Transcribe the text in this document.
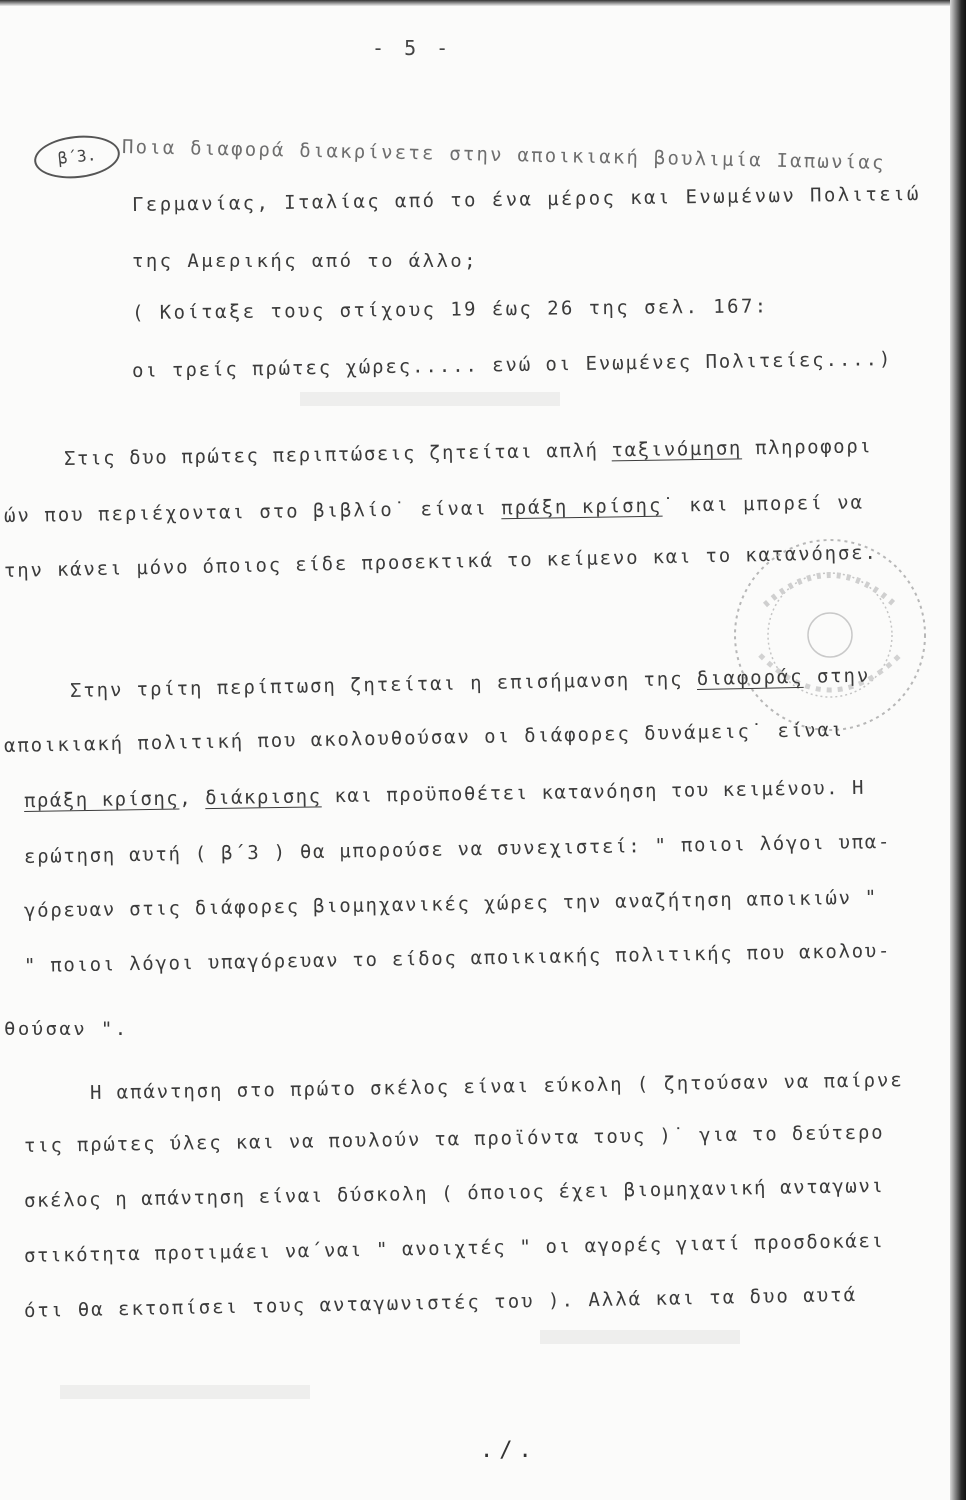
- 5 -
β΄3.	Ποια διαφορά διακρίνετε στην αποικιακή βουλιμία Ιαπωνίας
Γερμανίας, Ιταλίας από το ένα μέρος και Ενωμένων Πολιτειώ
της Αμερικής από το άλλο;
( Κοίταξε τους στίχους 19 έως 26 της σελ. 167:
οι τρείς πρώτες χώρες..... ενώ οι Ενωμένες Πολιτείες....)
Στις δυο πρώτες περιπτώσεις ζητείται απλή ταξινόμηση πληροφορι
ών που περιέχονται στο βιβλίο˙ είναι πράξη κρίσης˙ και μπορεί να
την κάνει μόνο όποιος είδε προσεκτικά το κείμενο και το κατανόησε.
Στην τρίτη περίπτωση ζητείται η επισήμανση της διαφοράς στην
αποικιακή πολιτική που ακολουθούσαν οι διάφορες δυνάμεις˙ είναι
πράξη κρίσης, διάκρισης και προϋποθέτει κατανόηση του κειμένου. Η
ερώτηση αυτή ( β΄3 ) θα μπορούσε να συνεχιστεί: " ποιοι λόγοι υπα-
γόρευαν στις διάφορες βιομηχανικές χώρες την αναζήτηση αποικιών "
" ποιοι λόγοι υπαγόρευαν το είδος αποικιακής πολιτικής που ακολου-
θούσαν ".
Η απάντηση στο πρώτο σκέλος είναι εύκολη ( ζητούσαν να παίρνε
τις πρώτες ύλες και να πουλούν τα προϊόντα τους )˙ για το δεύτερο
σκέλος η απάντηση είναι δύσκολη ( όποιος έχει βιομηχανική ανταγωνι
στικότητα προτιμάει να΄ναι " ανοιχτές " οι αγορές γιατί προσδοκάει
ότι θα εκτοπίσει τους ανταγωνιστές του ). Αλλά και τα δυο αυτά
./.
